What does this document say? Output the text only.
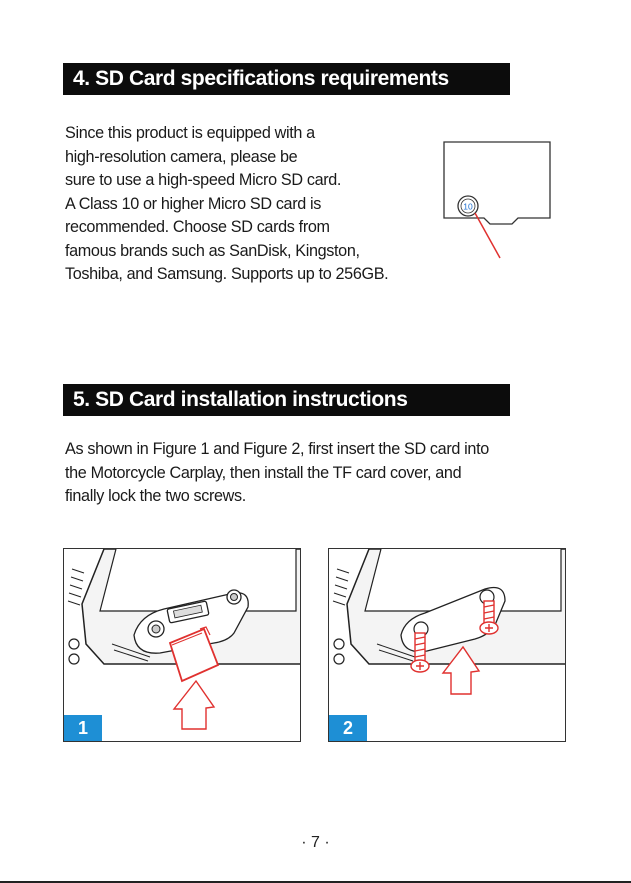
4. SD Card specifications requirements
Since this product is equipped with a
high-resolution camera, please be
sure to use a high-speed Micro SD card.
A Class 10 or higher Micro SD card is
recommended. Choose SD cards from
famous brands such as SanDisk, Kingston,
Toshiba, and Samsung. Supports up to 256GB.
10
5. SD Card installation instructions
As shown in Figure 1 and Figure 2, first insert the SD card into
the Motorcycle Carplay, then install the TF card cover, and
finally lock the two screws.
1	2
· 7 ·
